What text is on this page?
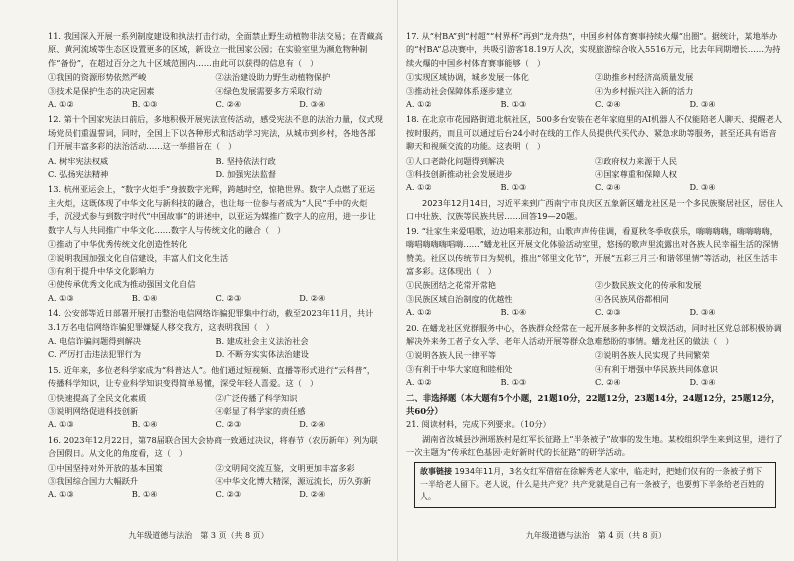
11. 我国深入开展一系列制度建设和执法打击行动，全面禁止野生动植物非法交易；在青藏高原、黄河流域等生态区设置更多的区域，新设立一批国家公园；在实验室里为濒危物种制作“备份”，在超过百分之九十区域范围内……由此可以获得的信息有（　）
①我国的资源形势依然严峻	②法治建设助力野生动植物保护
③技术是保护生态的决定因素	④绿色发展需要多方采取行动
A. ①②	B. ①③	C. ②④	D. ③④
12. 第十个国家宪法日前后，多地积极开展宪法宣传活动，感受宪法不息的法治力量，仪式现场党员们重温誓词，同时，全国上下以各种形式和活动学习宪法，从城市到乡村，各地各部门开展丰富多彩的法治活动……这一举措旨在（　）
A. 树牢宪法权威	B. 坚持依法行政
C. 弘扬宪法精神	D. 加强宪法监督
13. 杭州亚运会上，“数字火炬手”身披数字光辉，跨越时空，惊艳世界。数字人点燃了亚运主火炬，这既体现了中华文化与新科技的融合，也让每一位参与者成为“人民”手中的火炬手，沉浸式参与到数字时代“中国故事”的讲述中，以亚运为媒推广数字人的应用，进一步让数字人与人共同推广中华文化……数字人与传统文化的融合（　）
①推动了中华优秀传统文化创造性转化
②说明我国加强文化自信建设，丰富人们文化生活
③有利于提升中华文化影响力
④使传承优秀文化成为推动强国文化自信
A. ①③	B. ①④	C. ②③	D. ②④
14. 公安部等近日部署开展打击整治电信网络诈骗犯罪集中行动，截至2023年11月，共计3.1万名电信网络诈骗犯罪嫌疑人移交我方，这表明我国（　）
A. 电信诈骗问题得到解决	B. 建成社会主义法治社会
C. 严厉打击违法犯罪行为	D. 不断夯实实体法治建设
15. 近年来，多位老科学家成为“科普达人”。他们通过短视频、直播等形式进行“云科普”，传播科学知识，让专业科学知识变得简单易懂，深受年轻人喜爱。这（　）
①快速提高了全民文化素质	②广泛传播了科学知识
③说明网络促进科技创新	④彰显了科学家的责任感
A. ①③	B. ①④	C. ②③	D. ②④
16. 2023年12月22日，第78届联合国大会协商一致通过决议，将春节（农历新年）列为联合国假日。从文化的角度看，这（　）
①中国坚持对外开放的基本国策	②文明间交流互鉴，文明更加丰富多彩
③我国综合国力大幅跃升	④中华文化博大精深，源远流长，历久弥新
A. ①③	B. ①④	C. ②③	D. ②④
九年级道德与法治　第 3 页（共 8 页）
17. 从“村BA”到“村超”“村界杯”再到“龙舟热”，中国乡村体育赛事持续火爆“出圈”。据统计，某地举办的“村BA”总决赛中，共吸引游客18.19万人次，实现旅游综合收入5516万元，比去年同期增长……为持续火爆的中国乡村体育赛事能够（　）
①实现区域协调，城乡发展一体化	②助推乡村经济高质量发展
③推动社会保障体系逐步建立	④为乡村振兴注入新的活力
A. ①②	B. ①③	C. ②④	D. ③④
18. 在北京市花园路街道北航社区，500多台安装在老年家庭里的AI机器人不仅能陪老人聊天、提醒老人按时服药，而且可以通过后台24小时在线的工作人员提供代买代办、紧急求助等服务，甚至还具有语音聊天和视频交流的功能。这表明（　）
①人口老龄化问题得到解决	②政府权力来源于人民
③科技创新推动社会发展进步	④国家尊重和保障人权
A. ①②	B. ①③	C. ②④	D. ③④
2023年12月14日，习近平来到广西南宁市良庆区五象新区蟠龙社区是一个多民族聚居社区，居住人口中壮族、汉族等民族共居……回答19—20题。
19. “壮家生来爱唱歌，边边唱来那边和，山歌声声传佳调，看夏秋冬季收获乐，嗨嗨嗨嗨，嗨嗨嗨嗨，嗨唱嗨嗨嗨唱嗨……”蟠龙社区开展文化体验活动室里，悠扬的歌声里流露出对各族人民幸福生活的深情赞美。社区以传统节日为契机，推出“邻里文化节”，开展“五彩三月三·和谐邻里情”等活动，社区生活丰富多彩。这体现出（　）
①民族团结之花常开常艳	②少数民族文化的传承和发展
③民族区域自治制度的优越性	④各民族风俗都相同
A. ①②	B. ①④	C. ②③	D. ③④
20. 在蟠龙社区党群服务中心，各族群众经常在一起开展多种多样的文娱活动，同时社区党总部积极协调解决外来务工者子女入学、老年人活动开展等群众急难愁盼的事情。蟠龙社区的做法（　）
①说明各族人民一律平等	②说明各族人民实现了共同繁荣
③有利于中华大家庭和睦相处	④有利于增强中华民族共同体意识
A. ①②	B. ①③	C. ②④	D. ③④
二、非选择题（本大题有5个小题，21题10分，22题12分，23题14分，24题12分，25题12分，共60分）
21. 阅读材料，完成下列要求。（10分）
湖南省汝城县沙洲瑶族村是红军长征路上“半条被子”故事的发生地。某校组织学生来到这里，进行了一次主题为“传承红色基因·走好新时代的长征路”的研学活动。
故事链接 1934年11月，3名女红军借宿在徐解秀老人家中，临走时，把她们仅有的一条被子剪下一半给老人留下。老人说，什么是共产党？共产党就是自己有一条被子，也要剪下半条给老百姓的人。
九年级道德与法治　第 4 页（共 8 页）
